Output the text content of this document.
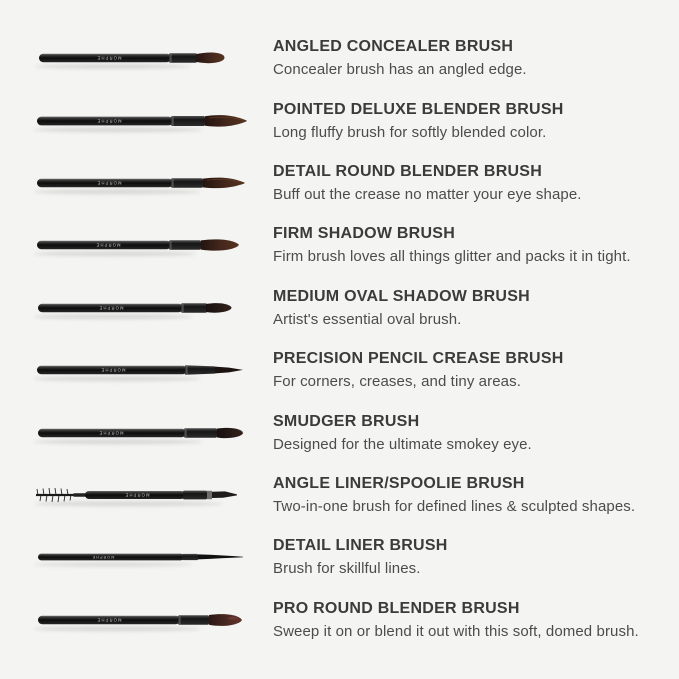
MORPHE
ANGLED CONCEALER BRUSH

Concealer brush has an angled edge.

MORPHE
POINTED DELUXE BLENDER BRUSH

Long fluffy brush for softly blended color.

MORPHE
DETAIL ROUND BLENDER BRUSH

Buff out the crease no matter your eye shape.

MORPHE
FIRM SHADOW BRUSH

Firm brush loves all things glitter and packs it in tight.

MORPHE
MEDIUM OVAL SHADOW BRUSH

Artist's essential oval brush.

MORPHE
PRECISION PENCIL CREASE BRUSH

For corners, creases, and tiny areas.

MORPHE
SMUDGER BRUSH

Designed for the ultimate smokey eye.

MORPHE
ANGLE LINER/SPOOLIE BRUSH

Two-in-one brush for defined lines & sculpted shapes.

MORPHE
DETAIL LINER BRUSH

Brush for skillful lines.

MORPHE
PRO ROUND BLENDER BRUSH

Sweep it on or blend it out with this soft, domed brush.
